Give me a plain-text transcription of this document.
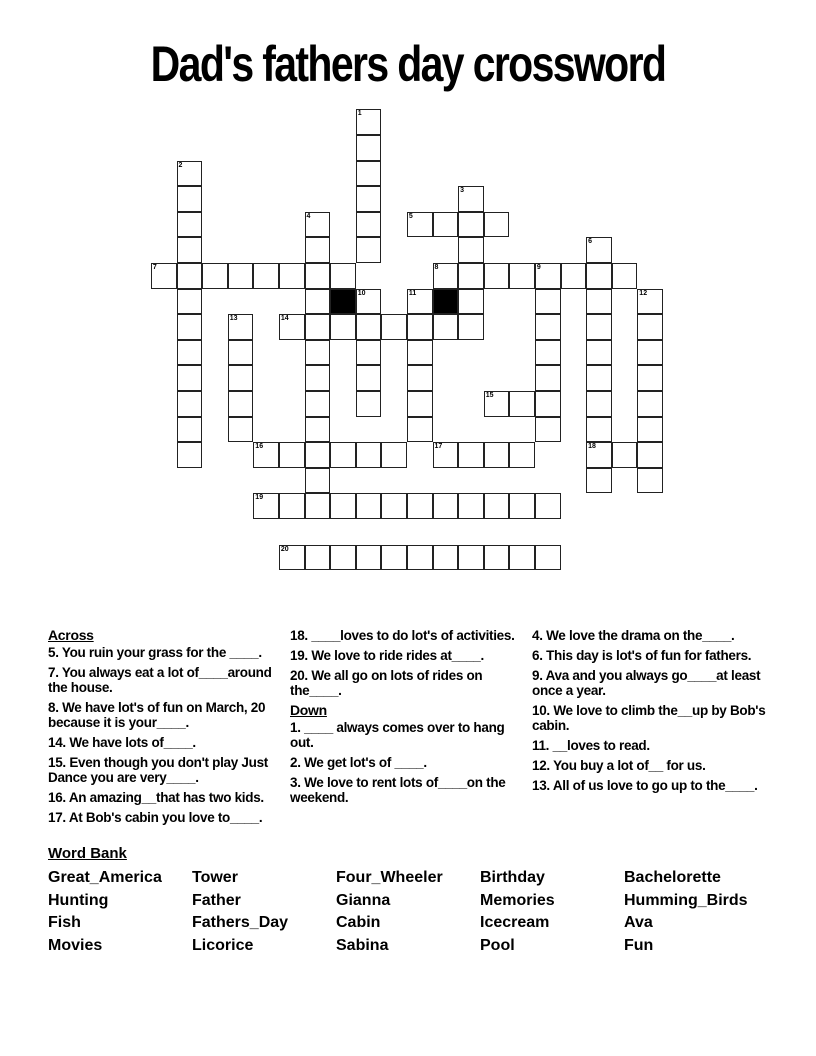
Dad's fathers day crossword
1
2
3
4	5
6
7	8	9
10	11	12
13	14
15
16	17	18
19
20
Across
5. You ruin your grass for the ____.
7. You always eat a lot of____around the house.
8. We have lot's of fun on March, 20 because it is your____.
14. We have lots of____.
15. Even though you don't play Just Dance you are very____.
16. An amazing__that has two kids.
17. At Bob's cabin you love to____.
18. ____loves to do lot's of activities.
19. We love to ride rides at____.
20. We all go on lots of rides on the____.
Down
1. ____ always comes over to hang out.
2. We get lot's of ____.
3. We love to rent lots of____on the weekend.
4. We love the drama on the____.
6. This day is lot's of fun for fathers.
9. Ava and you always go____at least once a year.
10. We love to climb the__up by Bob's cabin.
11. __loves to read.
12. You buy a lot of__ for us.
13. All of us love to go up to the____.
Word Bank
Great_America
Hunting
Fish
Movies
Tower
Father
Fathers_Day
Licorice
Four_Wheeler
Gianna
Cabin
Sabina
Birthday
Memories
Icecream
Pool
Bachelorette
Humming_Birds
Ava
Fun
